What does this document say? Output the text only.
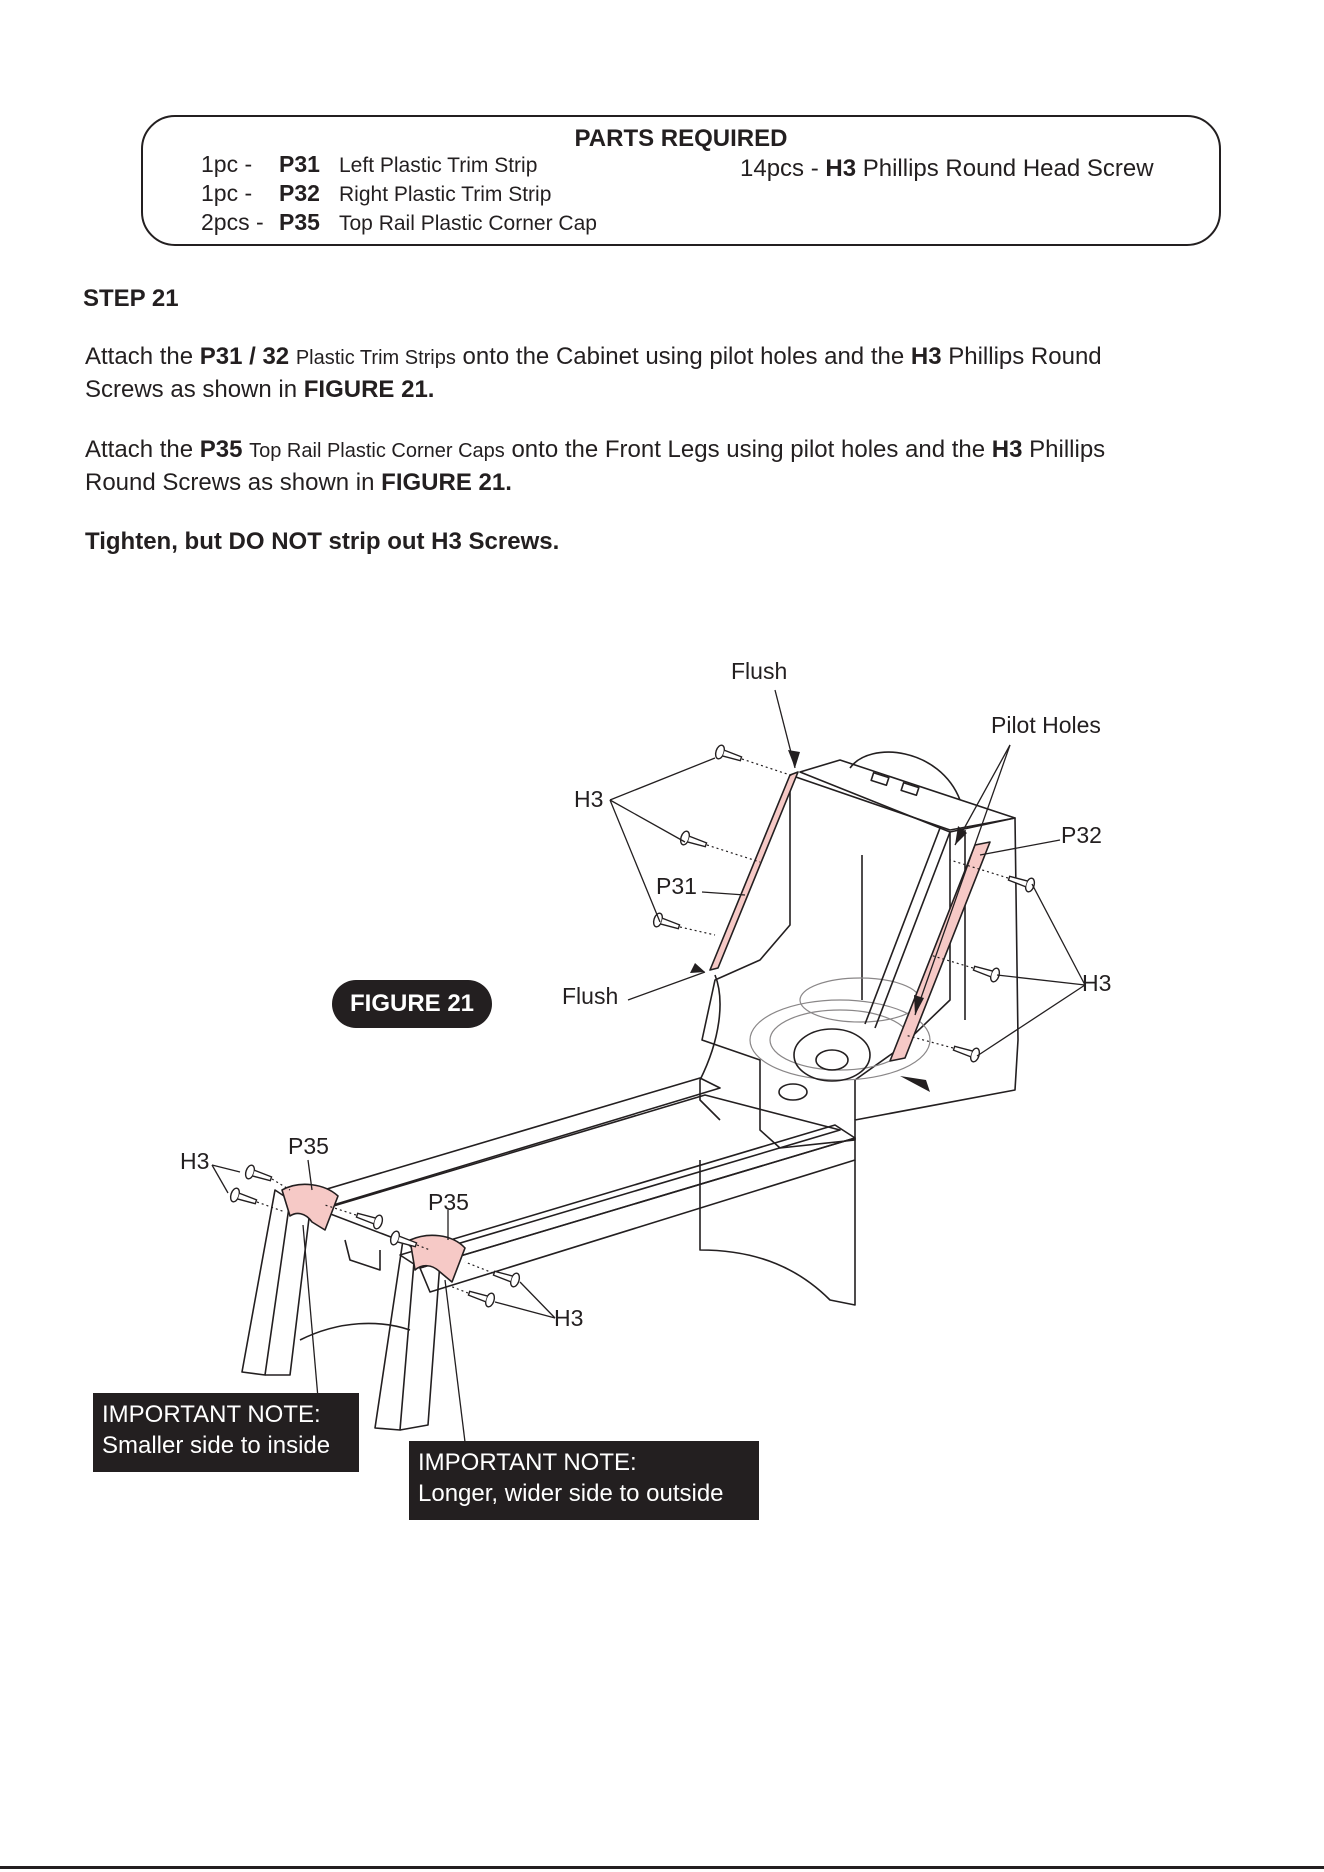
PARTS REQUIRED
1pc - P31 Left Plastic Trim Strip
1pc - P32 Right Plastic Trim Strip
2pcs - P35 Top Rail Plastic Corner Cap
14pcs - H3 Phillips Round Head Screw
STEP 21
Attach the P31 / 32 Plastic Trim Strips onto the Cabinet using pilot holes and the H3 Phillips Round
Screws as shown in FIGURE 21.
Attach the P35 Top Rail Plastic Corner Caps onto the Front Legs using pilot holes and the H3 Phillips
Round Screws as shown in FIGURE 21.
Tighten, but DO NOT strip out H3 Screws.
FIGURE 21
Flush
Pilot Holes
H3
P32
P31
H3
Flush
H3
P35
P35
H3
IMPORTANT NOTE:
Smaller side to inside
IMPORTANT NOTE:
Longer, wider side to outside
